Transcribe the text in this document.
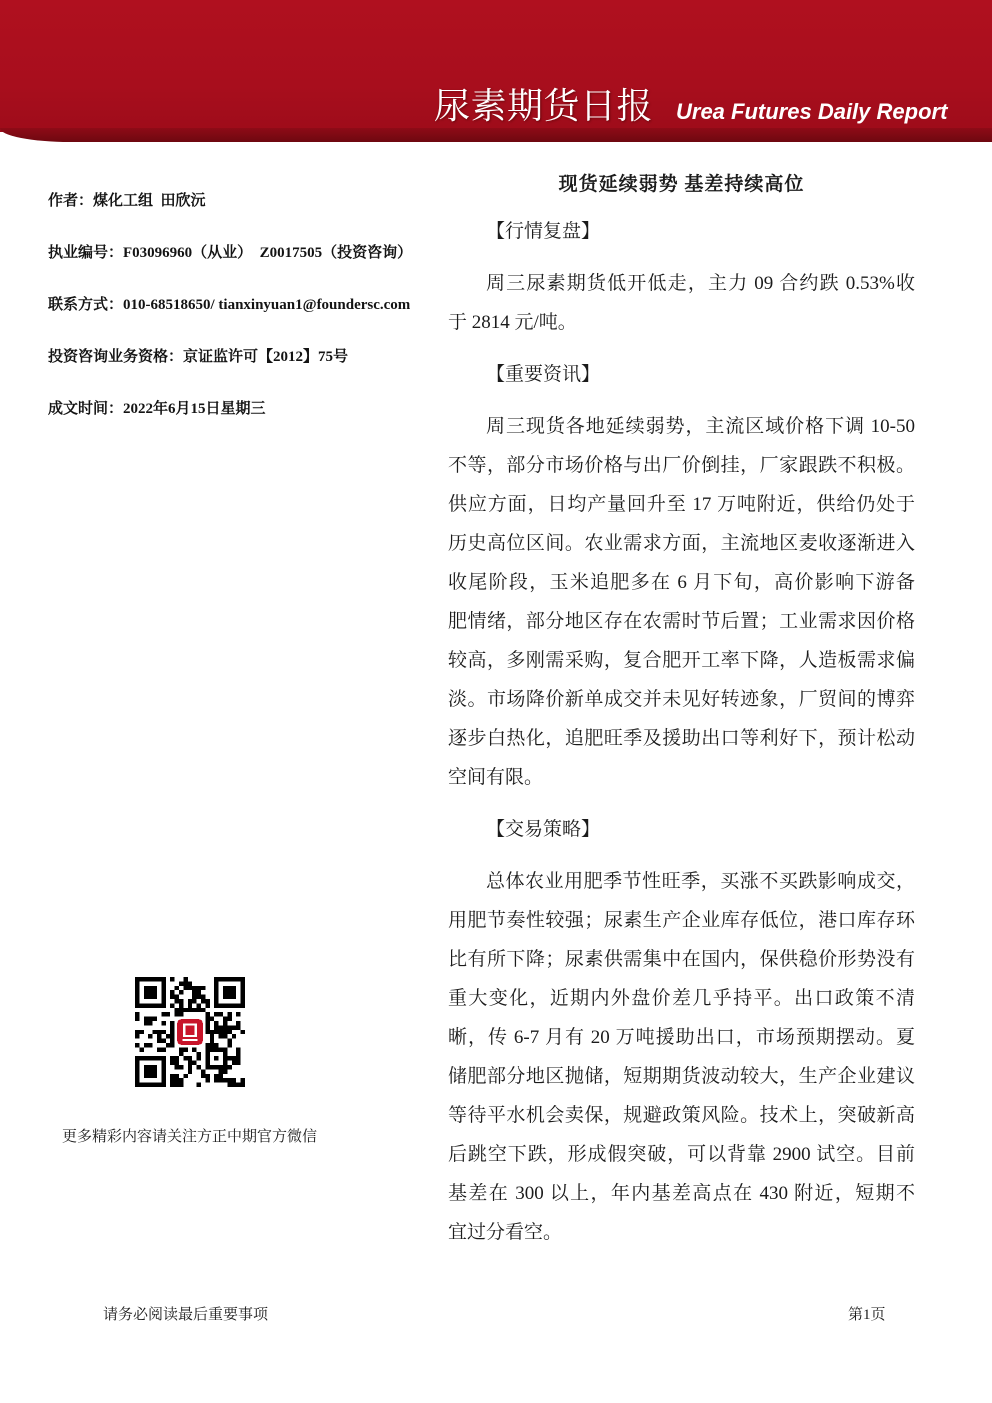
尿素期货日报 Urea Futures Daily Report
作者：煤化工组  田欣沅
执业编号：F03096960（从业）  Z0017505（投资咨询）
联系方式：010-68518650/ tianxinyuan1@foundersc.com
投资咨询业务资格：京证监许可【2012】75号
成文时间：2022年6月15日星期三
更多精彩内容请关注方正中期官方微信
现货延续弱势 基差持续高位
【行情复盘】
周三尿素期货低开低走，主力 09 合约跌 0.53%收
于 2814 元/吨。
【重要资讯】
周三现货各地延续弱势，主流区域价格下调 10-50
不等，部分市场价格与出厂价倒挂，厂家跟跌不积极。
供应方面，日均产量回升至 17 万吨附近，供给仍处于
历史高位区间。农业需求方面，主流地区麦收逐渐进入
收尾阶段，玉米追肥多在 6 月下旬，高价影响下游备
肥情绪，部分地区存在农需时节后置；工业需求因价格
较高，多刚需采购，复合肥开工率下降，人造板需求偏
淡。市场降价新单成交并未见好转迹象，厂贸间的博弈
逐步白热化，追肥旺季及援助出口等利好下，预计松动
空间有限。
【交易策略】
总体农业用肥季节性旺季，买涨不买跌影响成交，
用肥节奏性较强；尿素生产企业库存低位，港口库存环
比有所下降；尿素供需集中在国内，保供稳价形势没有
重大变化，近期内外盘价差几乎持平。出口政策不清
晰，传 6-7 月有 20 万吨援助出口，市场预期摆动。夏
储肥部分地区抛储，短期期货波动较大，生产企业建议
等待平水机会卖保，规避政策风险。技术上，突破新高
后跳空下跌，形成假突破，可以背靠 2900 试空。目前
基差在 300 以上，年内基差高点在 430 附近，短期不
宜过分看空。
请务必阅读最后重要事项	第1页
